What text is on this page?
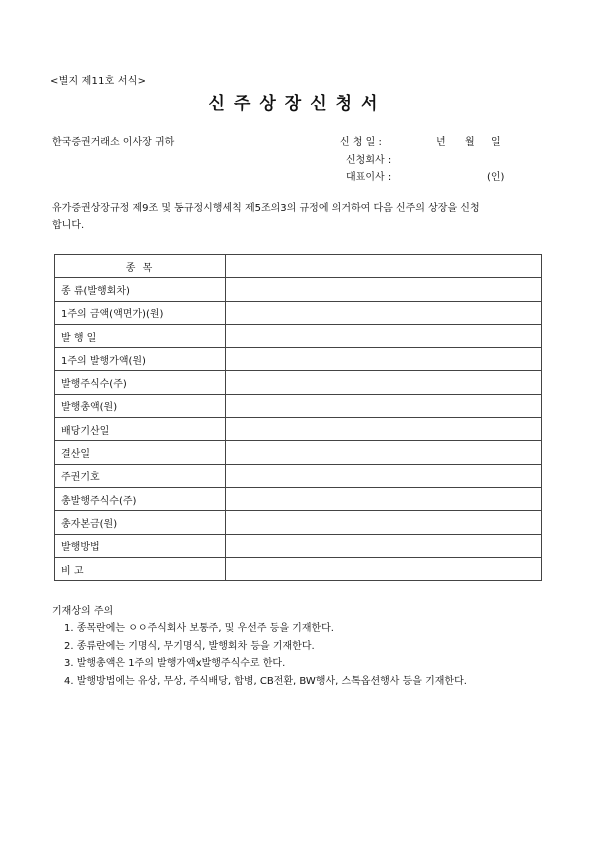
<별지 제11호 서식>
신주상장신청서
한국증권거래소 이사장 귀하	신 청 일 :	년 월 일
신청회사 :
대표이사 :	(인)
유가증권상장규정 제9조 및 동규정시행세칙 제5조의3의 규정에 의거하여 다음 신주의 상장을 신청
합니다.
종 목	
종 류(발행회차)	
1주의 금액(액면가)(원)	
발 행 일	
1주의 발행가액(원)	
발행주식수(주)	
발행총액(원)	
배당기산일	
결산일	
주권기호	
총발행주식수(주)	
총자본금(원)	
발행방법	
비 고	
기재상의 주의
1. 종목란에는 ㅇㅇ주식회사 보통주, 및 우선주 등을 기재한다.
2. 종류란에는 기명식, 무기명식, 발행회차 등을 기재한다.
3. 발행총액은 1주의 발행가액x발행주식수로 한다.
4. 발행방법에는 유상, 무상, 주식배당, 합병, CB전환, BW행사, 스톡옵션행사 등을 기재한다.
